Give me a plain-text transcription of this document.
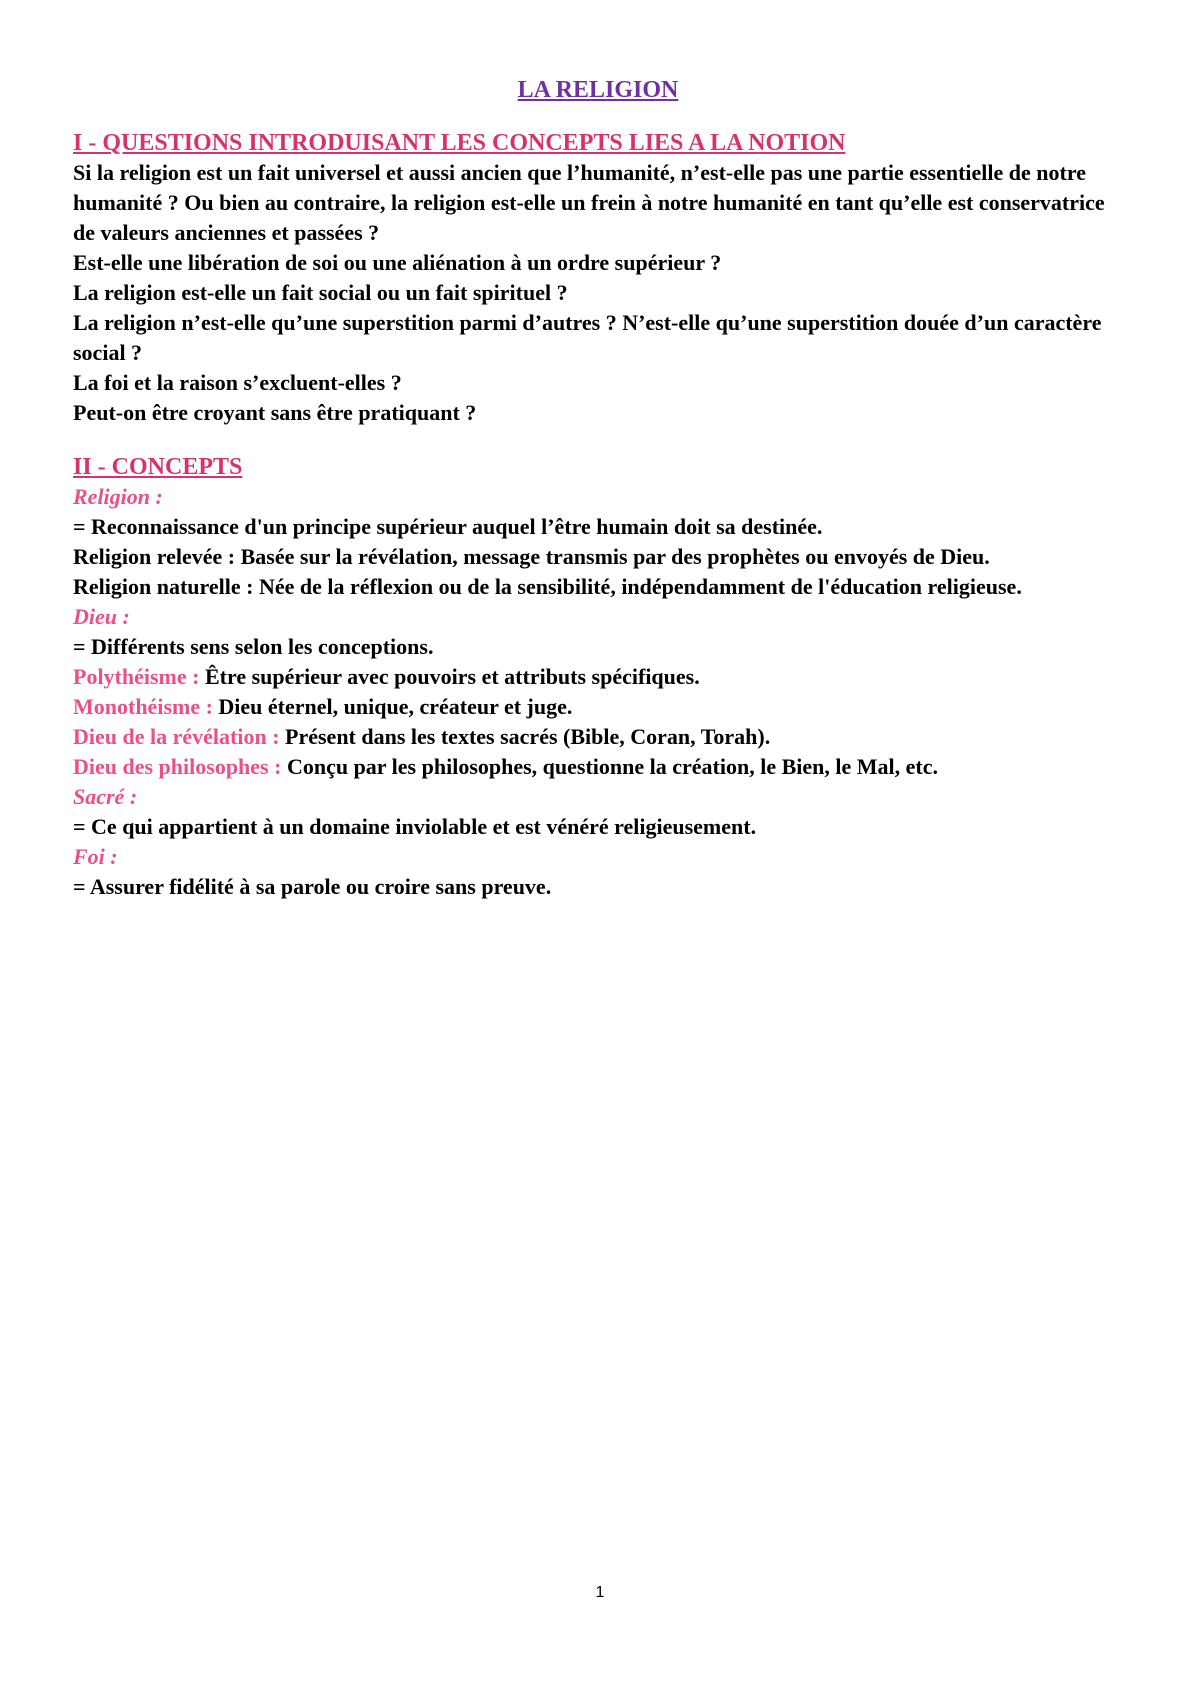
LA RELIGION
I - QUESTIONS INTRODUISANT LES CONCEPTS LIES A LA NOTION

Si la religion est un fait universel et aussi ancien que l’humanité, n’est-elle pas une partie essentielle de notre humanité ? Ou bien au contraire, la religion est-elle un frein à notre humanité en tant qu’elle est conservatrice de valeurs anciennes et passées ?

Est-elle une libération de soi ou une aliénation à un ordre supérieur ?

La religion est-elle un fait social ou un fait spirituel ?

La religion n’est-elle qu’une superstition parmi d’autres ? N’est-elle qu’une superstition douée d’un caractère social ?

La foi et la raison s’excluent-elles ?

Peut-on être croyant sans être pratiquant ?

II - CONCEPTS

Religion :

= Reconnaissance d'un principe supérieur auquel l’être humain doit sa destinée.

Religion relevée : Basée sur la révélation, message transmis par des prophètes ou envoyés de Dieu.

Religion naturelle : Née de la réflexion ou de la sensibilité, indépendamment de l'éducation religieuse.

Dieu :

= Différents sens selon les conceptions.

Polythéisme : Être supérieur avec pouvoirs et attributs spécifiques.

Monothéisme : Dieu éternel, unique, créateur et juge.

Dieu de la révélation : Présent dans les textes sacrés (Bible, Coran, Torah).

Dieu des philosophes : Conçu par les philosophes, questionne la création, le Bien, le Mal, etc.

Sacré :

= Ce qui appartient à un domaine inviolable et est vénéré religieusement.

Foi :

= Assurer fidélité à sa parole ou croire sans preuve.

1
